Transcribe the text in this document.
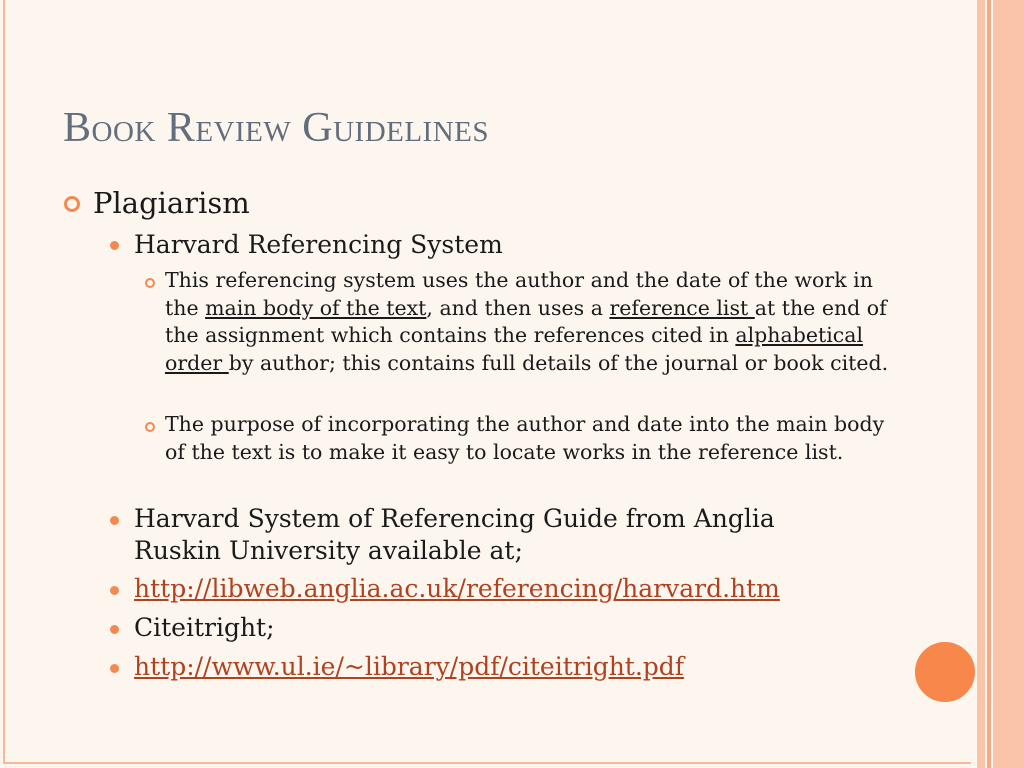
Book Review Guidelines

Plagiarism

Harvard Referencing System

This referencing system uses the author and the date of the work in the main body of the text, and then uses a reference list at the end of the assignment which contains the references cited in alphabetical order by author; this contains full details of the journal or book cited.

The purpose of incorporating the author and date into the main body of the text is to make it easy to locate works in the reference list.

Harvard System of Referencing Guide from Anglia Ruskin University available at;

http://libweb.anglia.ac.uk/referencing/harvard.htm

Citeitright;

http://www.ul.ie/~library/pdf/citeitright.pdf
